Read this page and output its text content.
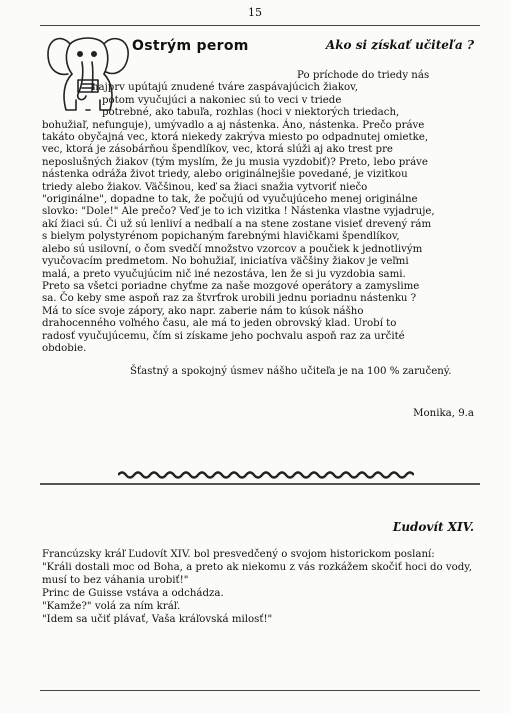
15
Ostrým perom	Ako si získať učiteľa ?
Po príchode do triedy nás
najprv upútajú znudené tváre zaspávajúcich žiakov,
potom vyučujúci a nakoniec sú to veci v triede
potrebné, ako tabuľa, rozhlas (hoci v niektorých triedach,
bohužiaľ, nefunguje), umývadlo a aj nástenka. Áno, nástenka. Prečo práve
takáto obyčajná vec, ktorá niekedy zakrýva miesto po odpadnutej omietke,
vec, ktorá je zásobárňou špendlíkov, vec, ktorá slúži aj ako trest pre
neposlušných žiakov (tým myslím, že ju musia vyzdobiť)? Preto, lebo práve
nástenka odráža život triedy, alebo originálnejšie povedané, je vizitkou
triedy alebo žiakov. Väčšinou, keď sa žiaci snažia vytvoriť niečo
"originálne", dopadne to tak, že počujú od vyučujúceho menej originálne
slovko: "Dole!" Ale prečo? Veď je to ich vizitka ! Nástenka vlastne vyjadruje,
akí žiaci sú. Či už sú lenliví a nedbalí a na stene zostane visieť drevený rám
s bielym polystyrénom popichaným farebnými hlavičkami špendlíkov,
alebo sú usilovní, o čom svedčí množstvo vzorcov a poučiek k jednotlivým
vyučovacím predmetom. No bohužiaľ, iniciatíva väčšiny žiakov je veľmi
malá, a preto vyučujúcim nič iné nezostáva, len že si ju vyzdobia sami.
Preto sa všetci poriadne chyťme za naše mozgové operátory a zamyslime
sa. Čo keby sme aspoň raz za štvrťrok urobili jednu poriadnu nástenku ?
Má to síce svoje zápory, ako napr. zaberie nám to kúsok nášho
drahocenného voľného času, ale má to jeden obrovský klad. Urobí to
radosť vyučujúcemu, čím si získame jeho pochvalu aspoň raz za určité
obdobie.
Šťastný a spokojný úsmev nášho učiteľa je na 100 % zaručený.
Monika, 9.a
Ľudovít XIV.

Francúzsky kráľ Ľudovít XIV. bol presvedčený o svojom historickom poslaní:

"Králi dostali moc od Boha, a preto ak niekomu z vás rozkážem skočiť hoci do vody, musí to bez váhania urobiť!"

Princ de Guisse vstáva a odchádza.

"Kamže?" volá za ním kráľ.

"Idem sa učiť plávať, Vaša kráľovská milosť!"
